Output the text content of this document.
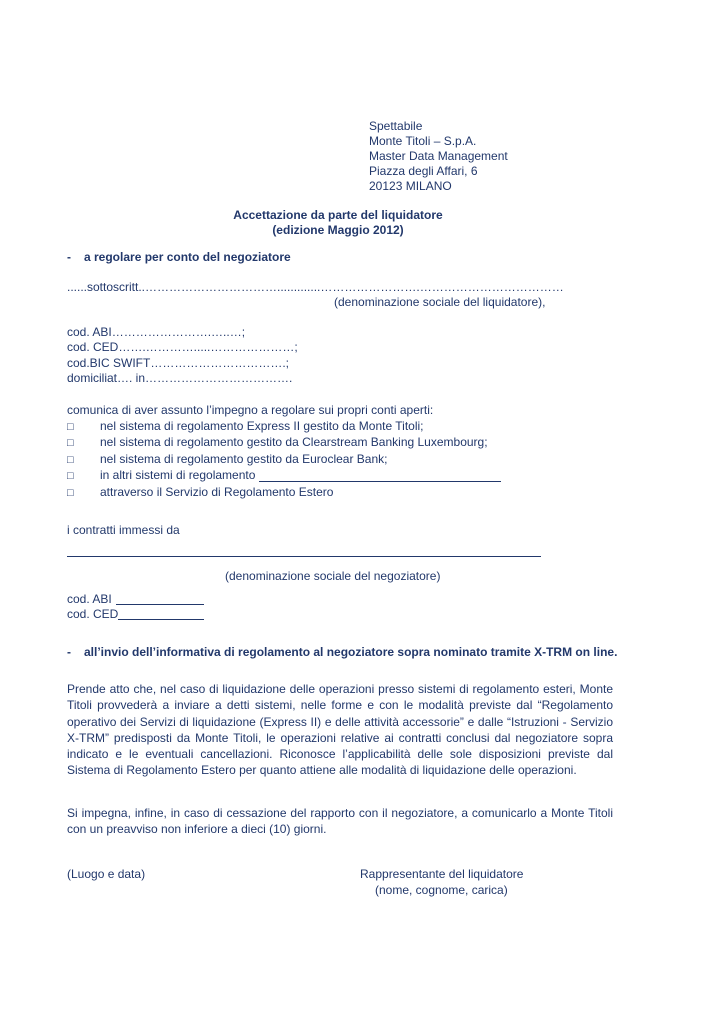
Spettabile
Monte Titoli – S.p.A.
Master Data Management
Piazza degli Affari, 6
20123 MILANO
Accettazione da parte del liquidatore
(edizione Maggio 2012)
- a regolare per conto del negoziatore
......sottoscritt..…………………………….............…………………….………………………………
(denominazione sociale del liquidatore),
cod. ABI…………………….…..…;
cod. CED…….………….....…………………;
cod.BIC SWIFT…………………………….;
domiciliat…. in……………………………….
comunica di aver assunto l’impegno a regolare sui propri conti aperti:
□ nel sistema di regolamento Express II gestito da Monte Titoli;
□ nel sistema di regolamento gestito da Clearstream Banking Luxembourg;
□ nel sistema di regolamento gestito da Euroclear Bank;
□ in altri sistemi di regolamento
□ attraverso il Servizio di Regolamento Estero
i contratti immessi da
(denominazione sociale del negoziatore)
cod. ABI
cod. CED
- all’invio dell’informativa di regolamento al negoziatore sopra nominato tramite X-TRM on line.
Prende atto che, nel caso di liquidazione delle operazioni presso sistemi di regolamento esteri, Monte Titoli provvederà a inviare a detti sistemi, nelle forme e con le modalità previste dal “Regolamento operativo dei Servizi di liquidazione (Express II) e delle attività accessorie” e dalle “Istruzioni - Servizio X-TRM” predisposti da Monte Titoli, le operazioni relative ai contratti conclusi dal negoziatore sopra indicato e le eventuali cancellazioni. Riconosce l’applicabilità delle sole disposizioni previste dal Sistema di Regolamento Estero per quanto attiene alle modalità di liquidazione delle operazioni.
Si impegna, infine, in caso di cessazione del rapporto con il negoziatore, a comunicarlo a Monte Titoli con un preavviso non inferiore a dieci (10) giorni.
(Luogo e data)	Rappresentante del liquidatore
(nome, cognome, carica)
